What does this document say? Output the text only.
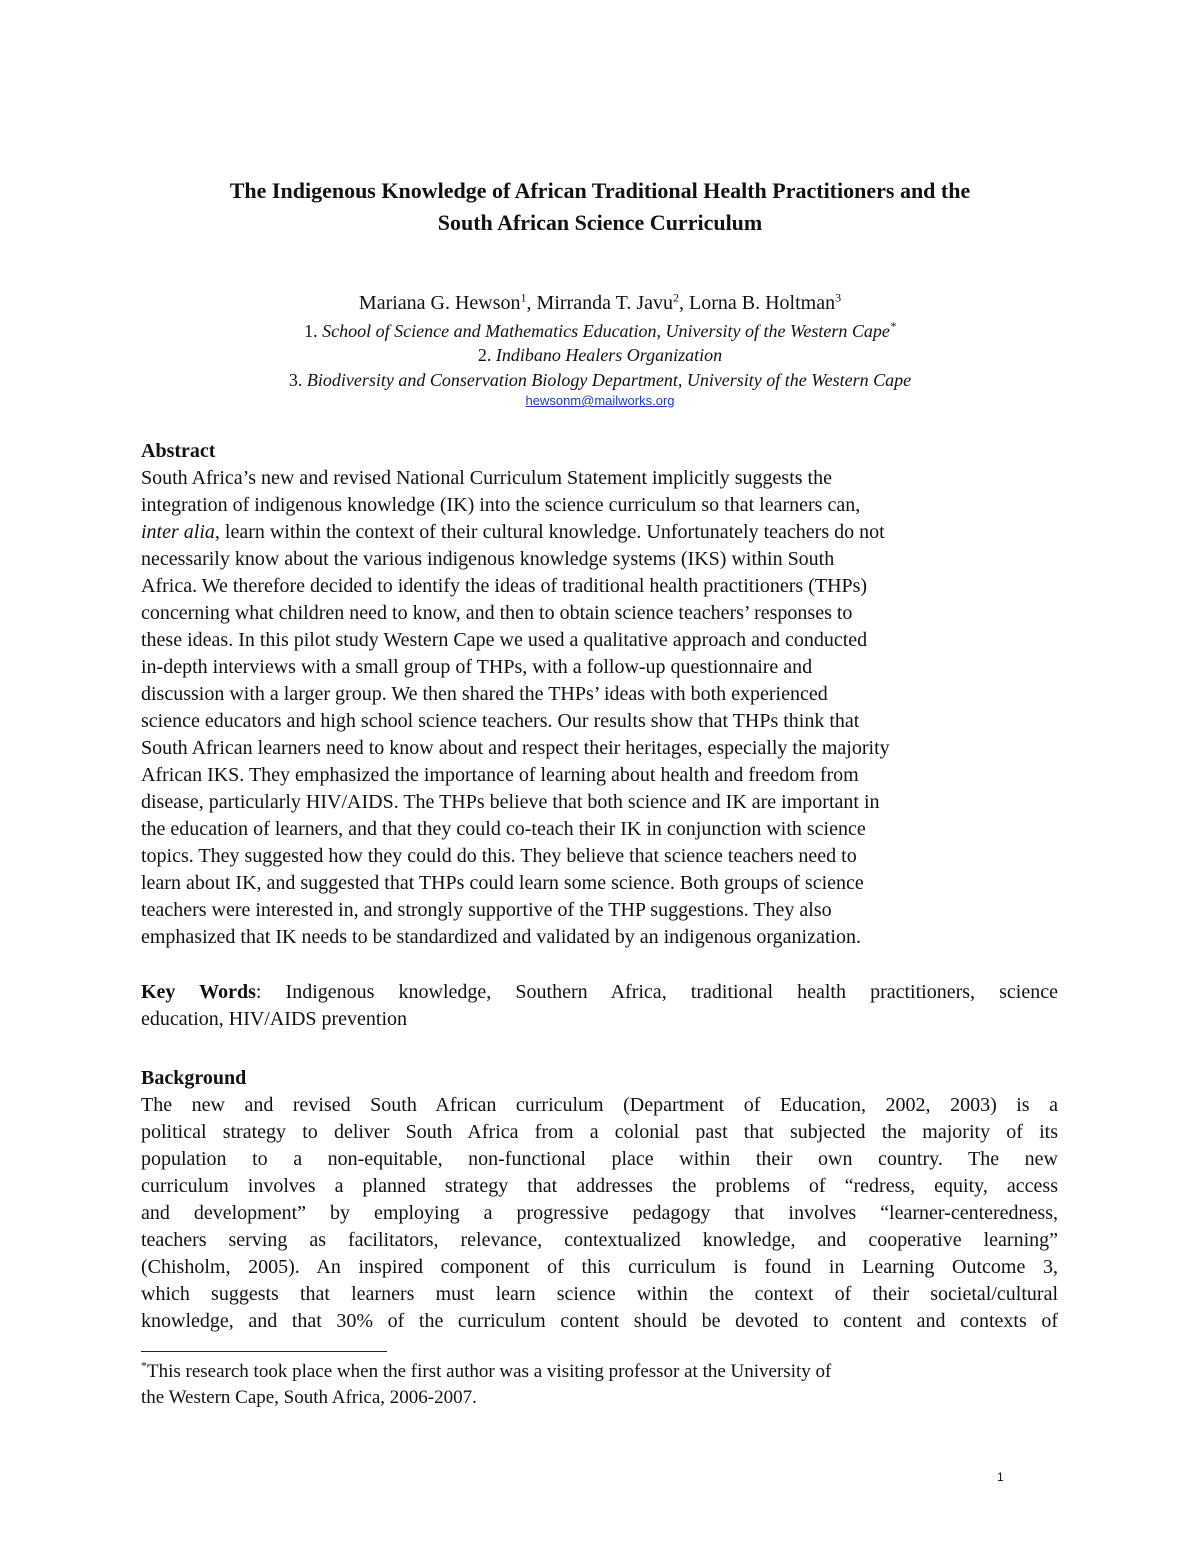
The Indigenous Knowledge of African Traditional Health Practitioners and the
South African Science Curriculum
Mariana G. Hewson$^1$, Mirranda T. Javu$^2$, Lorna B. Holtman$^3$
1. School of Science and Mathematics Education, University of the Western Cape*
2. Indibano Healers Organization
3. Biodiversity and Conservation Biology Department, University of the Western Cape
hewsonm@mailworks.org
Abstract
South Africa’s new and revised National Curriculum Statement implicitly suggests the
integration of indigenous knowledge (IK) into the science curriculum so that learners can,
inter alia, learn within the context of their cultural knowledge. Unfortunately teachers do not
necessarily know about the various indigenous knowledge systems (IKS) within South
Africa. We therefore decided to identify the ideas of traditional health practitioners (THPs)
concerning what children need to know, and then to obtain science teachers’ responses to
these ideas. In this pilot study Western Cape we used a qualitative approach and conducted
in-depth interviews with a small group of THPs, with a follow-up questionnaire and
discussion with a larger group. We then shared the THPs’ ideas with both experienced
science educators and high school science teachers. Our results show that THPs think that
South African learners need to know about and respect their heritages, especially the majority
African IKS. They emphasized the importance of learning about health and freedom from
disease, particularly HIV/AIDS. The THPs believe that both science and IK are important in
the education of learners, and that they could co-teach their IK in conjunction with science
topics. They suggested how they could do this. They believe that science teachers need to
learn about IK, and suggested that THPs could learn some science. Both groups of science
teachers were interested in, and strongly supportive of the THP suggestions. They also
emphasized that IK needs to be standardized and validated by an indigenous organization.
Key Words: Indigenous knowledge, Southern Africa, traditional health practitioners, science
education, HIV/AIDS prevention
Background
The new and revised South African curriculum (Department of Education, 2002, 2003) is a
political strategy to deliver South Africa from a colonial past that subjected the majority of its
population to a non-equitable, non-functional place within their own country. The new
curriculum involves a planned strategy that addresses the problems of “redress, equity, access
and development” by employing a progressive pedagogy that involves “learner-centeredness,
teachers serving as facilitators, relevance, contextualized knowledge, and cooperative learning”
(Chisholm, 2005). An inspired component of this curriculum is found in Learning Outcome 3,
which suggests that learners must learn science within the context of their societal/cultural
knowledge, and that 30% of the curriculum content should be devoted to content and contexts of
*This research took place when the first author was a visiting professor at the University of
the Western Cape, South Africa, 2006-2007.
1
